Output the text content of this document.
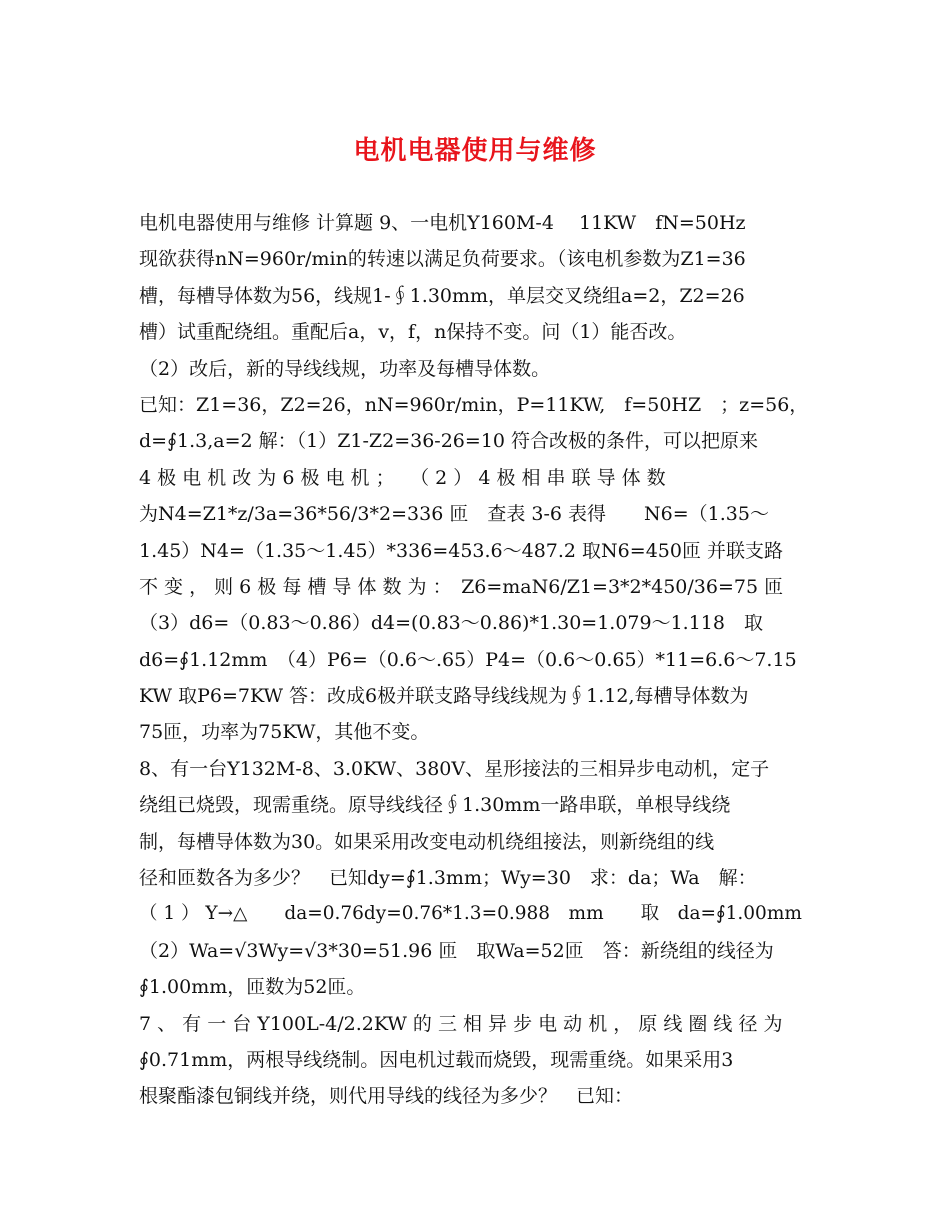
电机电器使用与维修
电机电器使用与维修 计算题 9、一电机Y160M-4　 11KW　fN=50Hz
现欲获得nN=960r/min的转速以满足负荷要求。（该电机参数为Z1=36
槽，每槽导体数为56，线规1-∮1.30mm，单层交叉绕组a=2，Z2=26
槽）试重配绕组。重配后a，v，f，n保持不变。问（1）能否改。
（2）改后，新的导线线规，功率及每槽导体数。
已知：Z1=36，Z2=26，nN=960r/min，P=11KW,　f=50HZ　；z=56，
d=∮1.3,a=2 解：（1）Z1-Z2=36-26=10 符合改极的条件，可以把原来
4 极 电 机 改 为 6 极 电 机 ；　 （ 2 ） 4 极 相 串 联 导 体 数
为N4=Z1*z/3a=36*56/3*2=336 匝　查表 3-6 表得　　N6=（1.35～
1.45）N4=（1.35～1.45）*336=453.6～487.2 取N6=450匝 并联支路
不 变 ， 则 6 极 每 槽 导 体 数 为 ：　Z6=maN6/Z1=3*2*450/36=75 匝
（3）d6=（0.83～0.86）d4=(0.83～0.86)*1.30=1.079～1.118　取
d6=∮1.12mm　（4）P6=（0.6～.65）P4=（0.6～0.65）*11=6.6～7.15
KW 取P6=7KW 答：改成6极并联支路导线线规为∮1.12,每槽导体数为
75匝，功率为75KW，其他不变。
8、有一台Y132M-8、3.0KW、380V、星形接法的三相异步电动机，定子
绕组已烧毁，现需重绕。原导线线径∮1.30mm一路串联，单根导线绕
制，每槽导体数为30。如果采用改变电动机绕组接法，则新绕组的线
径和匝数各为多少？　已知dy=∮1.3mm；Wy=30　求：da；Wa　解：
（ 1 ） Y→△　　da=0.76dy=0.76*1.3=0.988　mm　　取　da=∮1.00mm
（2）Wa=√3Wy=√3*30=51.96 匝　取Wa=52匝　答：新绕组的线径为
∮1.00mm，匝数为52匝。
7 、 有 一 台 Y100L-4/2.2KW 的 三 相 异 步 电 动 机 ， 原 线 圈 线 径 为
∮0.71mm，两根导线绕制。因电机过载而烧毁，现需重绕。如果采用3
根聚酯漆包铜线并绕，则代用导线的线径为多少？　已知：
